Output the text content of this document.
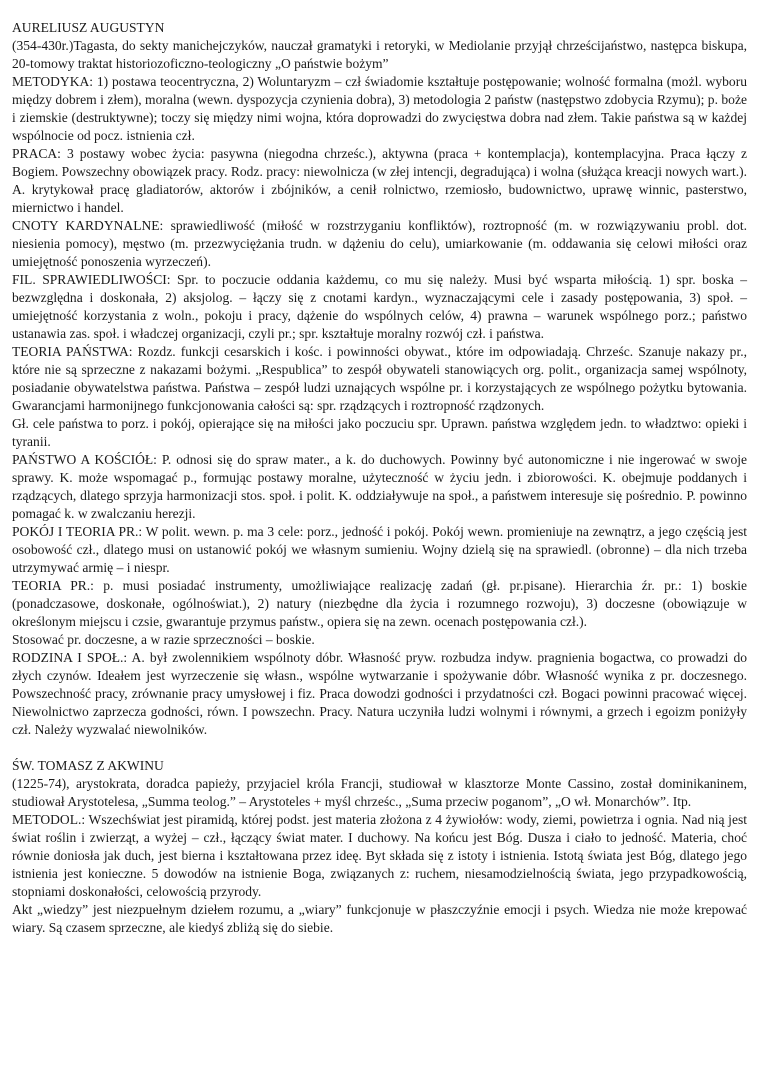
AURELIUSZ AUGUSTYN

(354-430r.)Tagasta, do sekty manichejczyków, nauczał gramatyki i retoryki, w Mediolanie przyjął chrześcijaństwo, następca biskupa, 20-tomowy traktat historiozoficzno-teologiczny „O państwie bożym”

METODYKA: 1) postawa teocentryczna, 2) Woluntaryzm – czł świadomie kształtuje postępowanie; wolność formalna (możl. wyboru między dobrem i złem), moralna (wewn. dyspozycja czynienia dobra), 3) metodologia 2 państw (następstwo zdobycia Rzymu); p. boże i ziemskie (destruktywne); toczy się między nimi wojna, która doprowadzi do zwycięstwa dobra nad złem. Takie państwa są w każdej wspólnocie od pocz. istnienia czł.

PRACA: 3 postawy wobec życia: pasywna (niegodna chrześc.), aktywna (praca + kontemplacja), kontemplacyjna. Praca łączy z Bogiem. Powszechny obowiązek pracy. Rodz. pracy: niewolnicza (w złej intencji, degradująca) i wolna (służąca kreacji nowych wart.). A. krytykował pracę gladiatorów, aktorów i zbójników, a cenił rolnictwo, rzemiosło, budownictwo, uprawę winnic, pasterstwo, miernictwo i handel.

CNOTY KARDYNALNE: sprawiedliwość (miłość w rozstrzyganiu konfliktów), roztropność (m. w rozwiązywaniu probl. dot. niesienia pomocy), męstwo (m. przezwyciężania trudn. w dążeniu do celu), umiarkowanie (m. oddawania się celowi miłości oraz umiejętność ponoszenia wyrzeczeń).

FIL. SPRAWIEDLIWOŚCI: Spr. to poczucie oddania każdemu, co mu się należy. Musi być wsparta miłością. 1) spr. boska – bezwzględna i doskonała, 2) aksjolog. – łączy się z cnotami kardyn., wyznaczającymi cele i zasady postępowania, 3) społ. – umiejętność korzystania z woln., pokoju i pracy, dążenie do wspólnych celów, 4) prawna – warunek wspólnego porz.; państwo ustanawia zas. społ. i władczej organizacji, czyli pr.; spr. kształtuje moralny rozwój czł. i państwa.

TEORIA PAŃSTWA: Rozdz. funkcji cesarskich i kośc. i powinności obywat., które im odpowiadają. Chrześc. Szanuje nakazy pr., które nie są sprzeczne z nakazami bożymi. „Respublica” to zespół obywateli stanowiących org. polit., organizacja samej wspólnoty, posiadanie obywatelstwa państwa. Państwa – zespół ludzi uznających wspólne pr. i korzystających ze wspólnego pożytku bytowania. Gwarancjami harmonijnego funkcjonowania całości są: spr. rządzących i roztropność rządzonych.

Gł. cele państwa to porz. i pokój, opierające się na miłości jako poczuciu spr. Uprawn. państwa względem jedn. to władztwo: opieki i tyranii.

PAŃSTWO A KOŚCIÓŁ: P. odnosi się do spraw mater., a k. do duchowych. Powinny być autonomiczne i nie ingerować w swoje sprawy. K. może wspomagać p., formując postawy moralne, użyteczność w życiu jedn. i zbiorowości. K. obejmuje poddanych i rządzących, dlatego sprzyja harmonizacji stos. społ. i polit. K. oddziaływuje na społ., a państwem interesuje się pośrednio. P. powinno pomagać k. w zwalczaniu herezji.

POKÓJ I TEORIA PR.: W polit. wewn. p. ma 3 cele: porz., jedność i pokój. Pokój wewn. promieniuje na zewnątrz, a jego częścią jest osobowość czł., dlatego musi on ustanowić pokój we własnym sumieniu. Wojny dzielą się na sprawiedl. (obronne) – dla nich trzeba utrzymywać armię – i niespr.

TEORIA PR.: p. musi posiadać instrumenty, umożliwiające realizację zadań (gł. pr.pisane). Hierarchia źr. pr.: 1) boskie (ponadczasowe, doskonałe, ogólnoświat.), 2) natury (niezbędne dla życia i rozumnego rozwoju), 3) doczesne (obowiązuje w określonym miejscu i czsie, gwarantuje przymus państw., opiera się na zewn. ocenach postępowania czł.).

Stosować pr. doczesne, a w razie sprzeczności – boskie.

RODZINA I SPOŁ.: A. był zwolennikiem wspólnoty dóbr. Własność pryw. rozbudza indyw. pragnienia bogactwa, co prowadzi do złych czynów. Ideałem jest wyrzeczenie się własn., wspólne wytwarzanie i spożywanie dóbr. Własność wynika z pr. doczesnego. Powszechność pracy, zrównanie pracy umysłowej i fiz. Praca dowodzi godności i przydatności czł. Bogaci powinni pracować więcej. Niewolnictwo zaprzecza godności, równ. I powszechn. Pracy. Natura uczyniła ludzi wolnymi i równymi, a grzech i egoizm poniżyły czł. Należy wyzwalać niewolników.

ŚW. TOMASZ Z AKWINU

(1225-74), arystokrata, doradca papieży, przyjaciel króla Francji, studiował w klasztorze Monte Cassino, został dominikaninem, studiował Arystotelesa, „Summa teolog.” – Arystoteles + myśl chrześc., „Suma przeciw poganom”, „O wł. Monarchów”. Itp.

METODOL.: Wszechświat jest piramidą, której podst. jest materia złożona z 4 żywiołów: wody, ziemi, powietrza i ognia. Nad nią jest świat roślin i zwierząt, a wyżej – czł., łączący świat mater. I duchowy. Na końcu jest Bóg. Dusza i ciało to jedność. Materia, choć równie doniosła jak duch, jest bierna i kształtowana przez ideę. Byt składa się z istoty i istnienia. Istotą świata jest Bóg, dlatego jego istnienia jest konieczne. 5 dowodów na istnienie Boga, związanych z: ruchem, niesamodzielnością świata, jego przypadkowością, stopniami doskonałości, celowością przyrody.

Akt „wiedzy” jest niezpuełnym dziełem rozumu, a „wiary” funkcjonuje w płaszczyźnie emocji i psych. Wiedza nie może krepować wiary. Są czasem sprzeczne, ale kiedyś zbliżą się do siebie.
